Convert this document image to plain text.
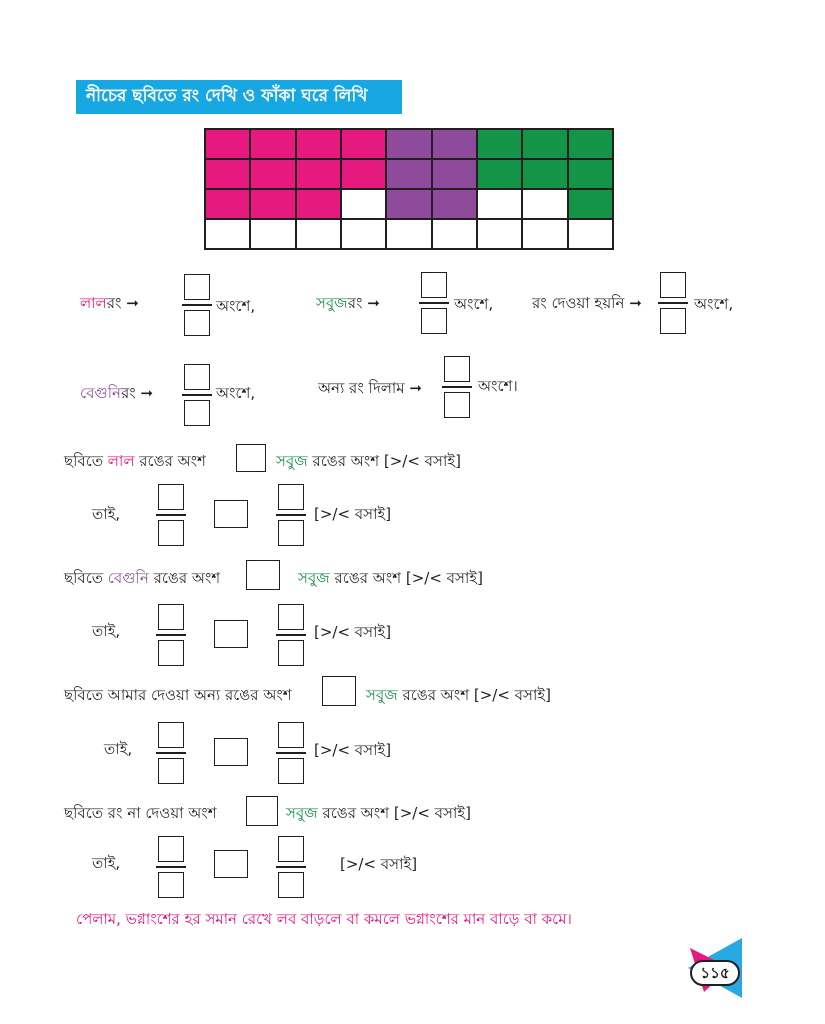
নীচের ছবিতে রং দেখি ও ফাঁকা ঘরে লিখি
লালরং ➞	অংশে,	সবুজরং ➞	অংশে,	রং দেওয়া হয়নি ➞	অংশে,
বেগুনিরং ➞	অংশে,	অন্য রং দিলাম ➞	অংশে।
ছবিতে লাল রঙের অংশ	সবুজ রঙের অংশ [>/< বসাই]
তাই,	[>/< বসাই]
ছবিতে বেগুনি রঙের অংশ	সবুজ রঙের অংশ [>/< বসাই]
তাই,	[>/< বসাই]
ছবিতে আমার দেওয়া অন্য রঙের অংশ	সবুজ রঙের অংশ [>/< বসাই]
তাই,	[>/< বসাই]
ছবিতে রং না দেওয়া অংশ	সবুজ রঙের অংশ [>/< বসাই]
তাই,	[>/< বসাই]
পেলাম, ভগ্নাংশের হর সমান রেখে লব বাড়লে বা কমলে ভগ্নাংশের মান বাড়ে বা কমে।
১১৫
